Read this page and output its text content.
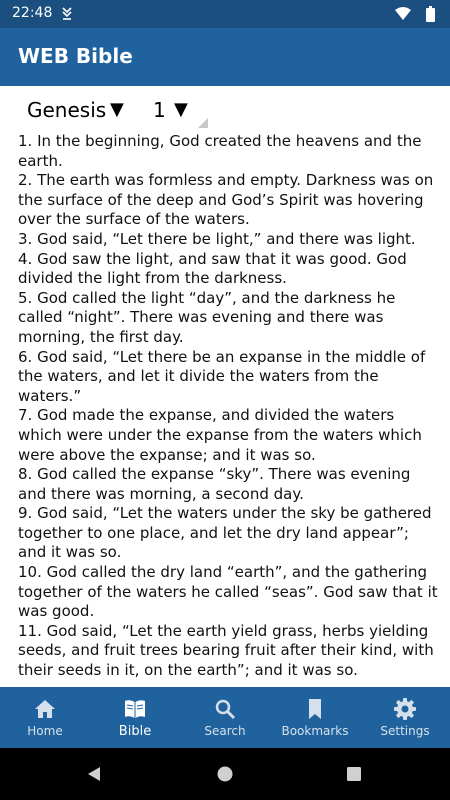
22:48
WEB Bible
Genesis ▼ 1 ▼

1. In the beginning, God created the heavens and the earth.

2. The earth was formless and empty. Darkness was on the surface of the deep and God’s Spirit was hovering over the surface of the waters.

3. God said, “Let there be light,” and there was light.

4. God saw the light, and saw that it was good. God divided the light from the darkness.

5. God called the light “day”, and the darkness he called “night”. There was evening and there was morning, the first day.

6. God said, “Let there be an expanse in the middle of the waters, and let it divide the waters from the waters.”

7. God made the expanse, and divided the waters which were under the expanse from the waters which were above the expanse; and it was so.

8. God called the expanse “sky”. There was evening and there was morning, a second day.

9. God said, “Let the waters under the sky be gathered together to one place, and let the dry land appear”; and it was so.

10. God called the dry land “earth”, and the gathering together of the waters he called “seas”. God saw that it was good.

11. God said, “Let the earth yield grass, herbs yielding seeds, and fruit trees bearing fruit after their kind, with their seeds in it, on the earth”; and it was so.

Home	Bible	Search	Bookmarks	Settings
